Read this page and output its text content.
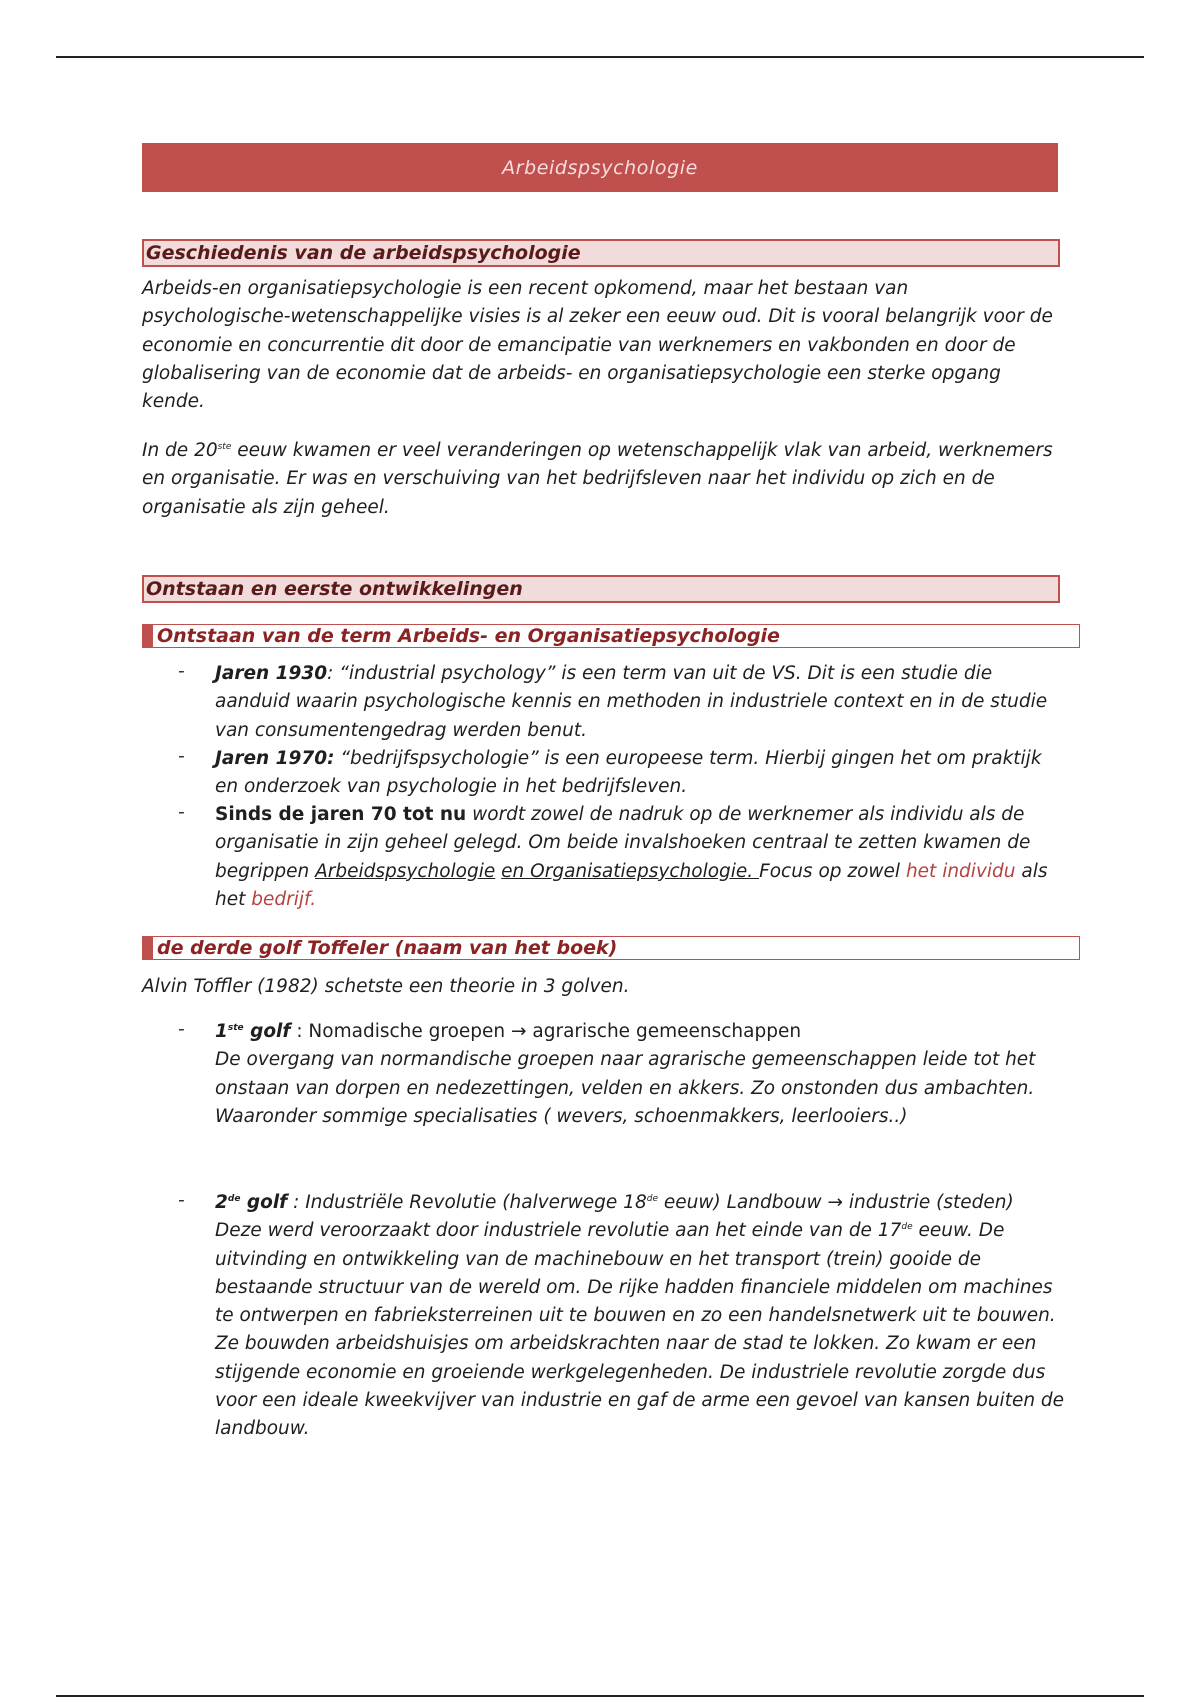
Arbeidspsychologie
Geschiedenis van de arbeidspsychologie

Arbeids-en organisatiepsychologie is een recent opkomend, maar het bestaan van psychologische-wetenschappelijke visies is al zeker een eeuw oud. Dit is vooral belangrijk voor de economie en concurrentie dit door de emancipatie van werknemers en vakbonden en door de globalisering van de economie dat de arbeids- en organisatiepsychologie een sterke opgang kende.

In de 20ste eeuw kwamen er veel veranderingen op wetenschappelijk vlak van arbeid, werknemers en organisatie. Er was en verschuiving van het bedrijfsleven naar het individu op zich en de organisatie als zijn geheel.

Ontstaan en eerste ontwikkelingen
Ontstaan van de term Arbeids- en Organisatiepsychologie
- Jaren 1930: “industrial psychology” is een term van uit de VS. Dit is een studie die aanduid waarin psychologische kennis en methoden in industriele context en in de studie van consumentengedrag werden benut.
- Jaren 1970: “bedrijfspsychologie” is een europeese term. Hierbij gingen het om praktijk en onderzoek van psychologie in het bedrijfsleven.
- Sinds de jaren 70 tot nu wordt zowel de nadruk op de werknemer als individu als de organisatie in zijn geheel gelegd. Om beide invalshoeken centraal te zetten kwamen de begrippen Arbeidspsychologie en Organisatiepsychologie. Focus op zowel het individu als het bedrijf.
de derde golf Toffeler (naam van het boek)

Alvin Toffler (1982) schetste een theorie in 3 golven.

- 1ste golf : Nomadische groepen → agrarische gemeenschappen

De overgang van normandische groepen naar agrarische gemeenschappen leide tot het onstaan van dorpen en nedezettingen, velden en akkers. Zo onstonden dus ambachten. Waaronder sommige specialisaties ( wevers, schoenmakkers, leerlooiers..)

- 2de golf : Industriële Revolutie (halverwege 18de eeuw) Landbouw → industrie (steden)

Deze werd veroorzaakt door industriele revolutie aan het einde van de 17de eeuw. De uitvinding en ontwikkeling van de machinebouw en het transport (trein) gooide de bestaande structuur van de wereld om. De rijke hadden financiele middelen om machines te ontwerpen en fabrieksterreinen uit te bouwen en zo een handelsnetwerk uit te bouwen. Ze bouwden arbeidshuisjes om arbeidskrachten naar de stad te lokken. Zo kwam er een stijgende economie en groeiende werkgelegenheden. De industriele revolutie zorgde dus voor een ideale kweekvijver van industrie en gaf de arme een gevoel van kansen buiten de landbouw.
